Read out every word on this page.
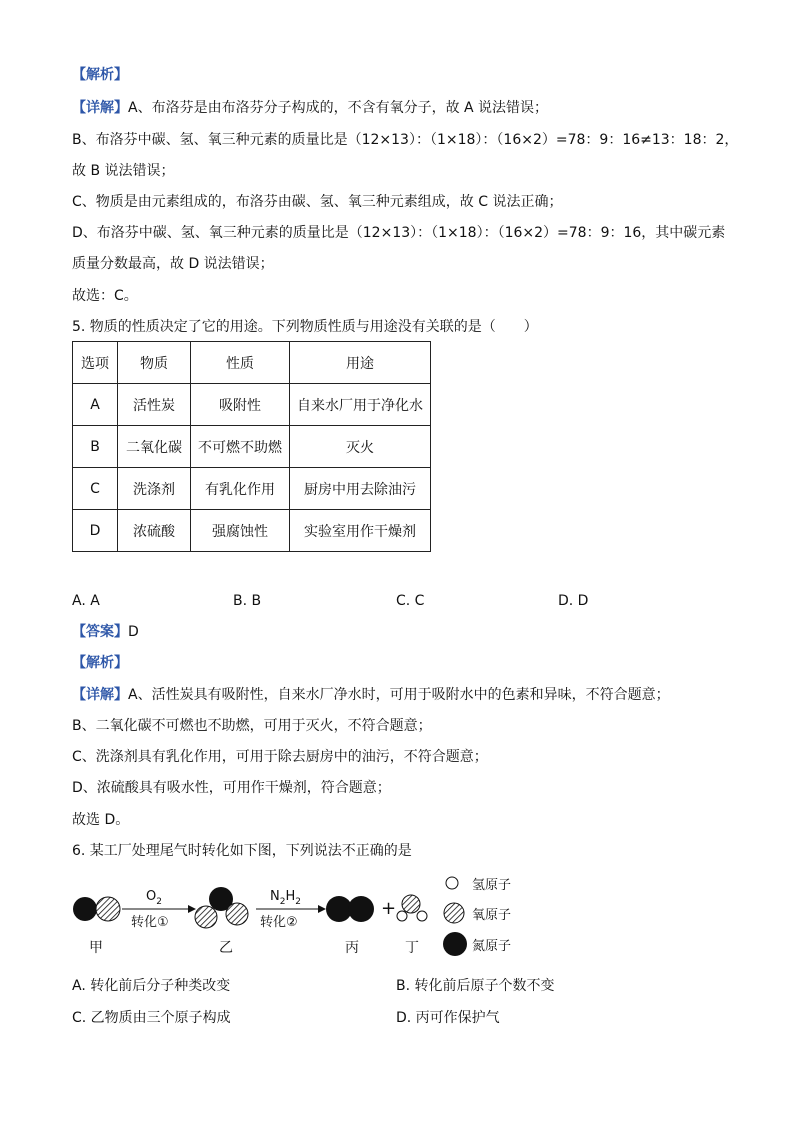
【解析】
【详解】A、布洛芬是由布洛芬分子构成的，不含有氧分子，故 A 说法错误；
B、布洛芬中碳、氢、氧三种元素的质量比是（12×13）：（1×18）：（16×2）=78：9：16≠13：18：2，
故 B 说法错误；
C、物质是由元素组成的，布洛芬由碳、氢、氧三种元素组成，故 C 说法正确；
D、布洛芬中碳、氢、氧三种元素的质量比是（12×13）：（1×18）：（16×2）=78：9：16，其中碳元素
质量分数最高，故 D 说法错误；
故选：C。
5. 物质的性质决定了它的用途。下列物质性质与用途没有关联的是（　　）
选项	物质	性质	用途
A	活性炭	吸附性	自来水厂用于净化水
B	二氧化碳	不可燃不助燃	灭火
C	洗涤剂	有乳化作用	厨房中用去除油污
D	浓硫酸	强腐蚀性	实验室用作干燥剂
A. A	B. B	C. C	D. D
【答案】D
【解析】
【详解】A、活性炭具有吸附性，自来水厂净水时，可用于吸附水中的色素和异味，不符合题意；
B、二氧化碳不可燃也不助燃，可用于灭火，不符合题意；
C、洗涤剂具有乳化作用，可用于除去厨房中的油污，不符合题意；
D、浓硫酸具有吸水性，可用作干燥剂，符合题意；
故选 D。
6. 某工厂处理尾气时转化如下图，下列说法不正确的是
$O_2$
转化①
$N_2H_2$
转化②
+
甲	乙	丙	丁
氢原子
氧原子
氮原子
A. 转化前后分子种类改变	B. 转化前后原子个数不变
C. 乙物质由三个原子构成	D. 丙可作保护气
